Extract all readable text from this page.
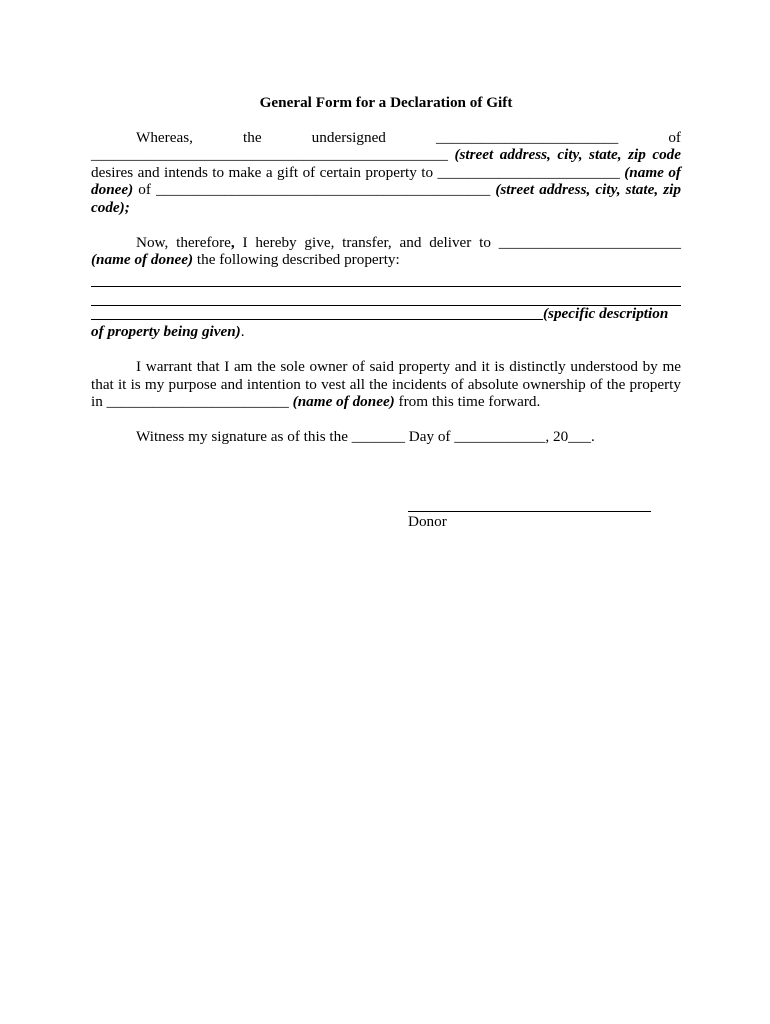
General Form for a Declaration of Gift

Whereas, the undersigned ________________________ of _______________________________________________ (street address, city, state, zip code desires and intends to make a gift of certain property to ________________________ (name of donee) of ____________________________________________ (street address, city, state, zip code);

Now, therefore, I hereby give, transfer, and deliver to ________________________ (name of donee) the following described property:

(specific description

of property being given).

I warrant that I am the sole owner of said property and it is distinctly understood by me that it is my purpose and intention to vest all the incidents of absolute ownership of the property in ________________________ (name of donee) from this time forward.

Witness my signature as of this the _______ Day of ____________, 20___.

Donor
